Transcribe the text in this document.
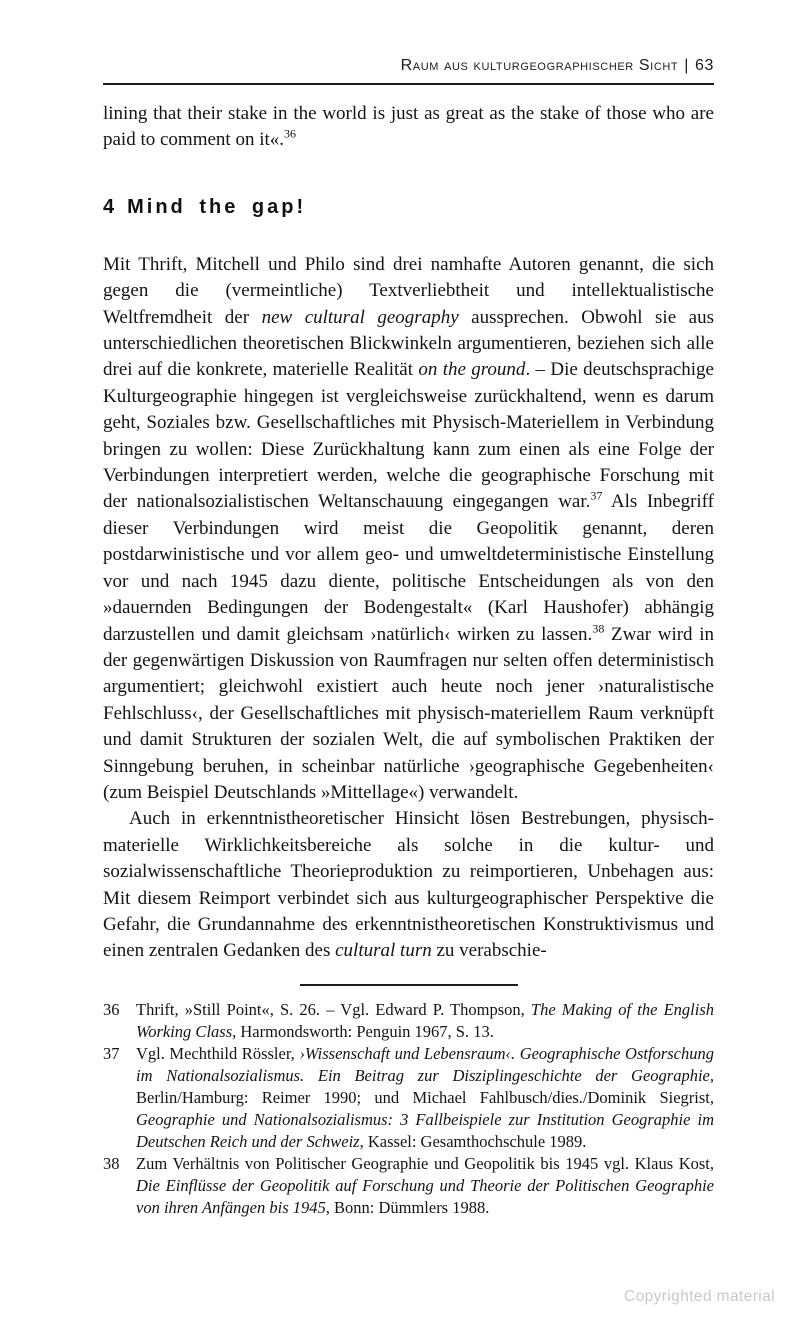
Raum aus kulturgeographischer Sicht | 63

lining that their stake in the world is just as great as the stake of those who are paid to comment on it«.$^{36}$

4 Mind the gap!

Mit Thrift, Mitchell und Philo sind drei namhafte Autoren genannt, die sich gegen die (vermeintliche) Textverliebtheit und intellektualistische Weltfremdheit der new cultural geography aussprechen. Obwohl sie aus unterschiedlichen theoretischen Blickwinkeln argumentieren, beziehen sich alle drei auf die konkrete, materielle Realität on the ground. – Die deutschsprachige Kulturgeographie hingegen ist vergleichsweise zurückhaltend, wenn es darum geht, Soziales bzw. Gesellschaftliches mit Physisch-Materiellem in Verbindung bringen zu wollen: Diese Zurückhaltung kann zum einen als eine Folge der Verbindungen interpretiert werden, welche die geographische Forschung mit der nationalsozialistischen Weltanschauung eingegangen war.$^{37}$ Als Inbegriff dieser Verbindungen wird meist die Geopolitik genannt, deren postdarwinistische und vor allem geo- und umweltdeterministische Einstellung vor und nach 1945 dazu diente, politische Entscheidungen als von den »dauernden Bedingungen der Bodengestalt« (Karl Haushofer) abhängig darzustellen und damit gleichsam ›natürlich‹ wirken zu lassen.$^{38}$ Zwar wird in der gegenwärtigen Diskussion von Raumfragen nur selten offen deterministisch argumentiert; gleichwohl existiert auch heute noch jener ›naturalistische Fehlschluss‹, der Gesellschaftliches mit physisch-materiellem Raum verknüpft und damit Strukturen der sozialen Welt, die auf symbolischen Praktiken der Sinngebung beruhen, in scheinbar natürliche ›geographische Gegebenheiten‹ (zum Beispiel Deutschlands »Mittellage«) verwandelt.

Auch in erkenntnistheoretischer Hinsicht lösen Bestrebungen, physisch-materielle Wirklichkeitsbereiche als solche in die kultur- und sozialwissenschaftliche Theorieproduktion zu reimportieren, Unbehagen aus: Mit diesem Reimport verbindet sich aus kulturgeographischer Perspektive die Gefahr, die Grundannahme des erkenntnistheoretischen Konstruktivismus und einen zentralen Gedanken des cultural turn zu verabschie-

36	Thrift, »Still Point«, S. 26. – Vgl. Edward P. Thompson, The Making of the English Working Class, Harmondsworth: Penguin 1967, S. 13.
37	Vgl. Mechthild Rössler, ›Wissenschaft und Lebensraum‹. Geographische Ostforschung im Nationalsozialismus. Ein Beitrag zur Disziplingeschichte der Geographie, Berlin/Hamburg: Reimer 1990; und Michael Fahlbusch/dies./Dominik Siegrist, Geographie und Nationalsozialismus: 3 Fallbeispiele zur Institution Geographie im Deutschen Reich und der Schweiz, Kassel: Gesamthochschule 1989.
38	Zum Verhältnis von Politischer Geographie und Geopolitik bis 1945 vgl. Klaus Kost, Die Einflüsse der Geopolitik auf Forschung und Theorie der Politischen Geographie von ihren Anfängen bis 1945, Bonn: Dümmlers 1988.
Copyrighted material
